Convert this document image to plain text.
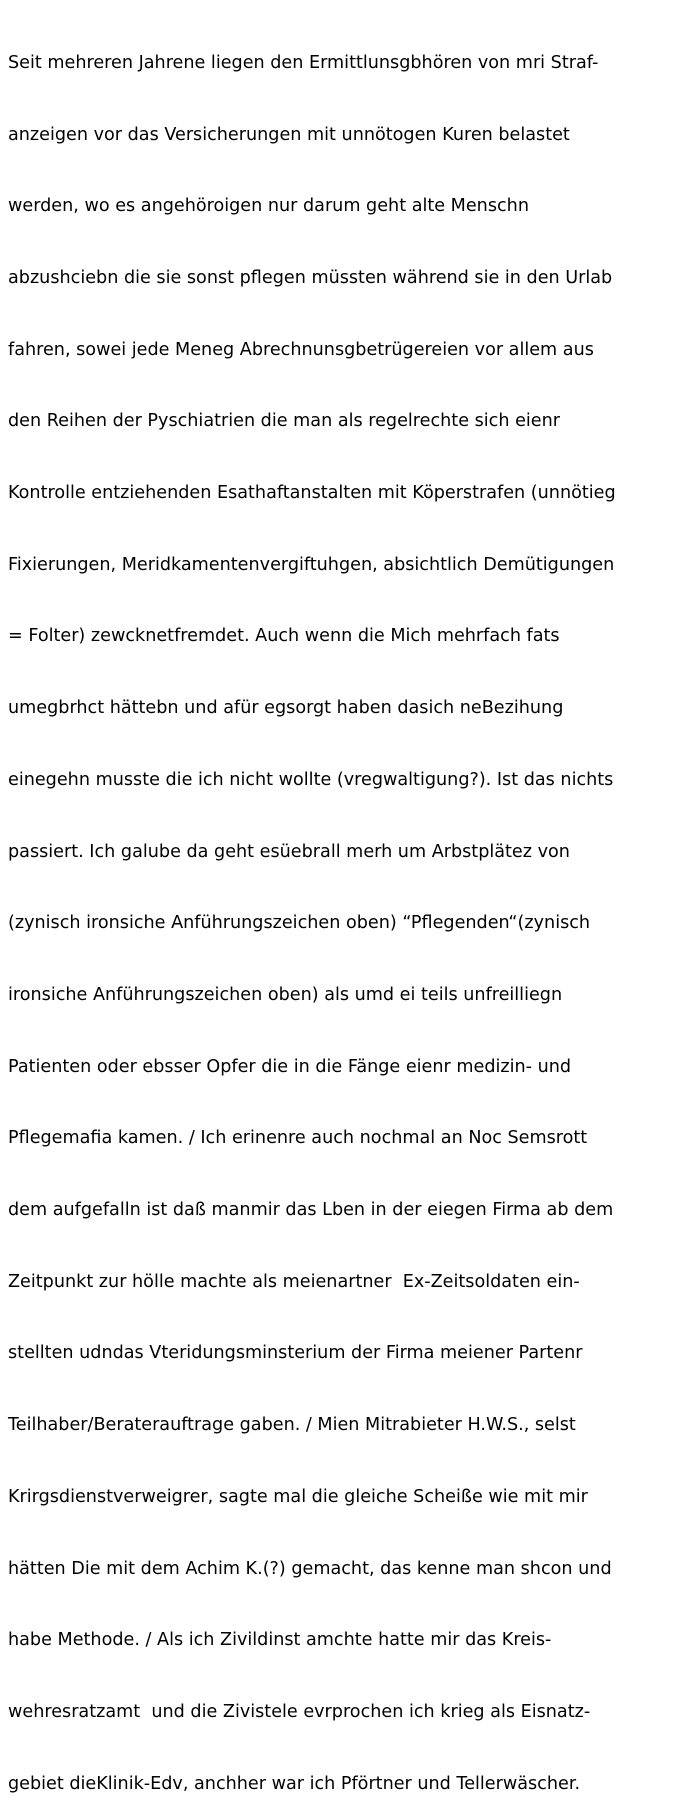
Seit mehreren Jahrene liegen den Ermittlunsgbhören von mri Straf-

anzeigen vor das Versicherungen mit unnötogen Kuren belastet

werden, wo es angehöroigen nur darum geht alte Menschn

abzushciebn die sie sonst pflegen müssten während sie in den Urlab

fahren, sowei jede Meneg Abrechnunsgbetrügereien vor allem aus

den Reihen der Pyschiatrien die man als regelrechte sich eienr

Kontrolle entziehenden Esathaftanstalten mit Köperstrafen (unnötieg

Fixierungen, Meridkamentenvergiftuhgen, absichtlich Demütigungen

= Folter) zewcknetfremdet. Auch wenn die Mich mehrfach fats

umegbrhct hättebn und afür egsorgt haben dasich neBezihung

einegehn musste die ich nicht wollte (vregwaltigung?). Ist das nichts

passiert. Ich galube da geht esüebrall merh um Arbstplätez von

(zynisch ironsiche Anführungszeichen oben) “Pflegenden“(zynisch

ironsiche Anführungszeichen oben) als umd ei teils unfreilliegn

Patienten oder ebsser Opfer die in die Fänge eienr medizin- und

Pflegemafia kamen. / Ich erinenre auch nochmal an Noc Semsrott

dem aufgefalln ist daß manmir das Lben in der eiegen Firma ab dem

Zeitpunkt zur hölle machte als meienartner  Ex-Zeitsoldaten ein-

stellten udndas Vteridungsminsterium der Firma meiener Partenr

Teilhaber/Beraterauftrage gaben. / Mien Mitrabieter H.W.S., selst

Krirgsdienstverweigrer, sagte mal die gleiche Scheiße wie mit mir

hätten Die mit dem Achim K.(?) gemacht, das kenne man shcon und

habe Methode. / Als ich Zivildinst amchte hatte mir das Kreis-

wehresratzamt  und die Zivistele evrprochen ich krieg als Eisnatz-

gebiet dieKlinik-Edv, anchher war ich Pförtner und Tellerwäscher.
